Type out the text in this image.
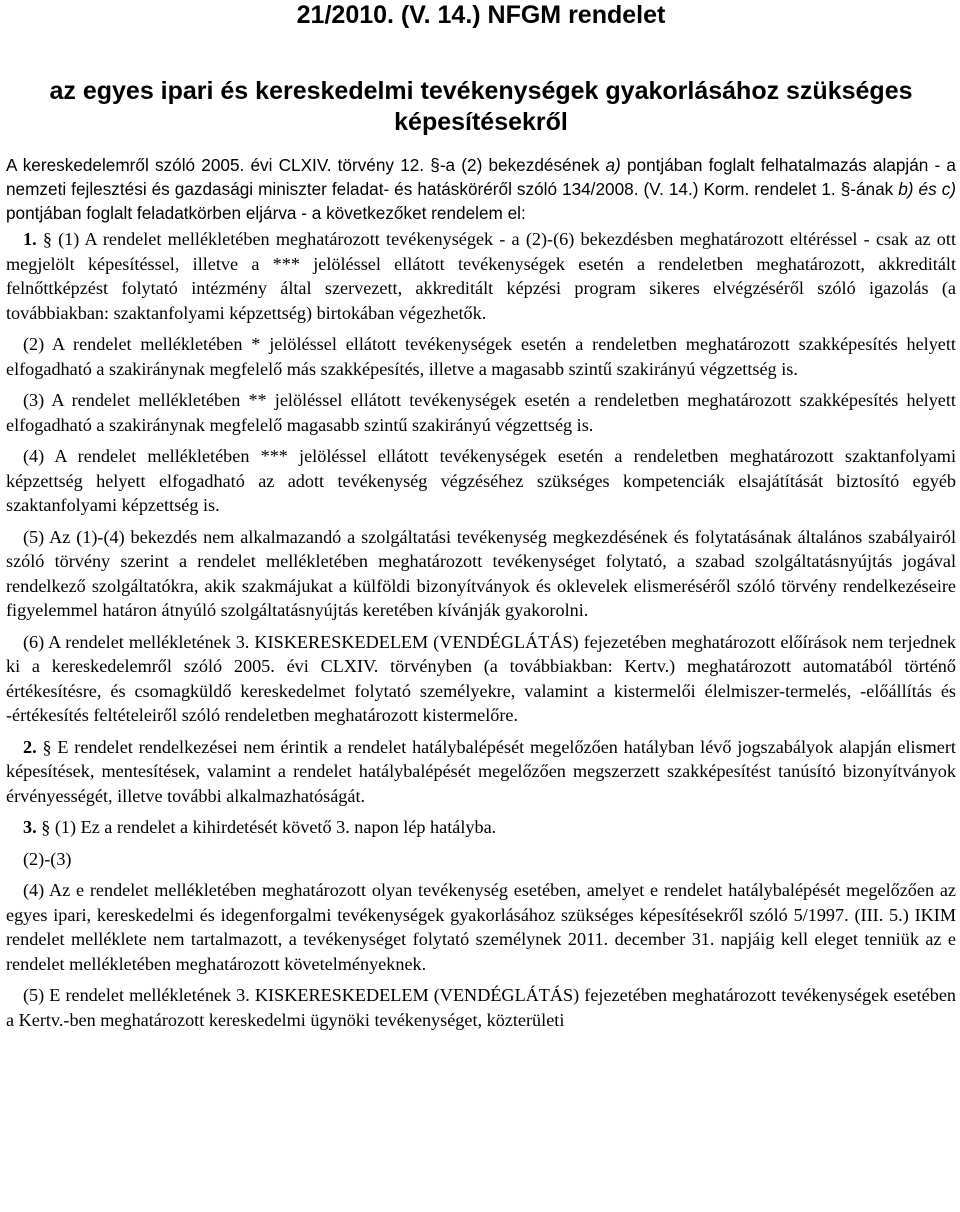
21/2010. (V. 14.) NFGM rendelet
az egyes ipari és kereskedelmi tevékenységek gyakorlásához szükséges képesítésekről

A kereskedelemről szóló 2005. évi CLXIV. törvény 12. §-a (2) bekezdésének a) pontjában foglalt felhatalmazás alapján - a nemzeti fejlesztési és gazdasági miniszter feladat- és hatásköréről szóló 134/2008. (V. 14.) Korm. rendelet 1. §-ának b) és c) pontjában foglalt feladatkörben eljárva - a következőket rendelem el:

1. § (1) A rendelet mellékletében meghatározott tevékenységek - a (2)-(6) bekezdésben meghatározott eltéréssel - csak az ott megjelölt képesítéssel, illetve a *** jelöléssel ellátott tevékenységek esetén a rendeletben meghatározott, akkreditált felnőttképzést folytató intézmény által szervezett, akkreditált képzési program sikeres elvégzéséről szóló igazolás (a továbbiakban: szaktanfolyami képzettség) birtokában végezhetők.

(2) A rendelet mellékletében * jelöléssel ellátott tevékenységek esetén a rendeletben meghatározott szakképesítés helyett elfogadható a szakiránynak megfelelő más szakképesítés, illetve a magasabb szintű szakirányú végzettség is.

(3) A rendelet mellékletében ** jelöléssel ellátott tevékenységek esetén a rendeletben meghatározott szakképesítés helyett elfogadható a szakiránynak megfelelő magasabb szintű szakirányú végzettség is.

(4) A rendelet mellékletében *** jelöléssel ellátott tevékenységek esetén a rendeletben meghatározott szaktanfolyami képzettség helyett elfogadható az adott tevékenység végzéséhez szükséges kompetenciák elsajátítását biztosító egyéb szaktanfolyami képzettség is.

(5) Az (1)-(4) bekezdés nem alkalmazandó a szolgáltatási tevékenység megkezdésének és folytatásának általános szabályairól szóló törvény szerint a rendelet mellékletében meghatározott tevékenységet folytató, a szabad szolgáltatásnyújtás jogával rendelkező szolgáltatókra, akik szakmájukat a külföldi bizonyítványok és oklevelek elismeréséről szóló törvény rendelkezéseire figyelemmel határon átnyúló szolgáltatásnyújtás keretében kívánják gyakorolni.

(6) A rendelet mellékletének 3. KISKERESKEDELEM (VENDÉGLÁTÁS) fejezetében meghatározott előírások nem terjednek ki a kereskedelemről szóló 2005. évi CLXIV. törvényben (a továbbiakban: Kertv.) meghatározott automatából történő értékesítésre, és csomagküldő kereskedelmet folytató személyekre, valamint a kistermelői élelmiszer-termelés, -előállítás és -értékesítés feltételeiről szóló rendeletben meghatározott kistermelőre.

2. § E rendelet rendelkezései nem érintik a rendelet hatálybalépését megelőzően hatályban lévő jogszabályok alapján elismert képesítések, mentesítések, valamint a rendelet hatálybalépését megelőzően megszerzett szakképesítést tanúsító bizonyítványok érvényességét, illetve további alkalmazhatóságát.

3. § (1) Ez a rendelet a kihirdetését követő 3. napon lép hatályba.

(2)-(3)

(4) Az e rendelet mellékletében meghatározott olyan tevékenység esetében, amelyet e rendelet hatálybalépését megelőzően az egyes ipari, kereskedelmi és idegenforgalmi tevékenységek gyakorlásához szükséges képesítésekről szóló 5/1997. (III. 5.) IKIM rendelet melléklete nem tartalmazott, a tevékenységet folytató személynek 2011. december 31. napjáig kell eleget tenniük az e rendelet mellékletében meghatározott követelményeknek.

(5) E rendelet mellékletének 3. KISKERESKEDELEM (VENDÉGLÁTÁS) fejezetében meghatározott tevékenységek esetében a Kertv.-ben meghatározott kereskedelmi ügynöki tevékenységet, közterületi
